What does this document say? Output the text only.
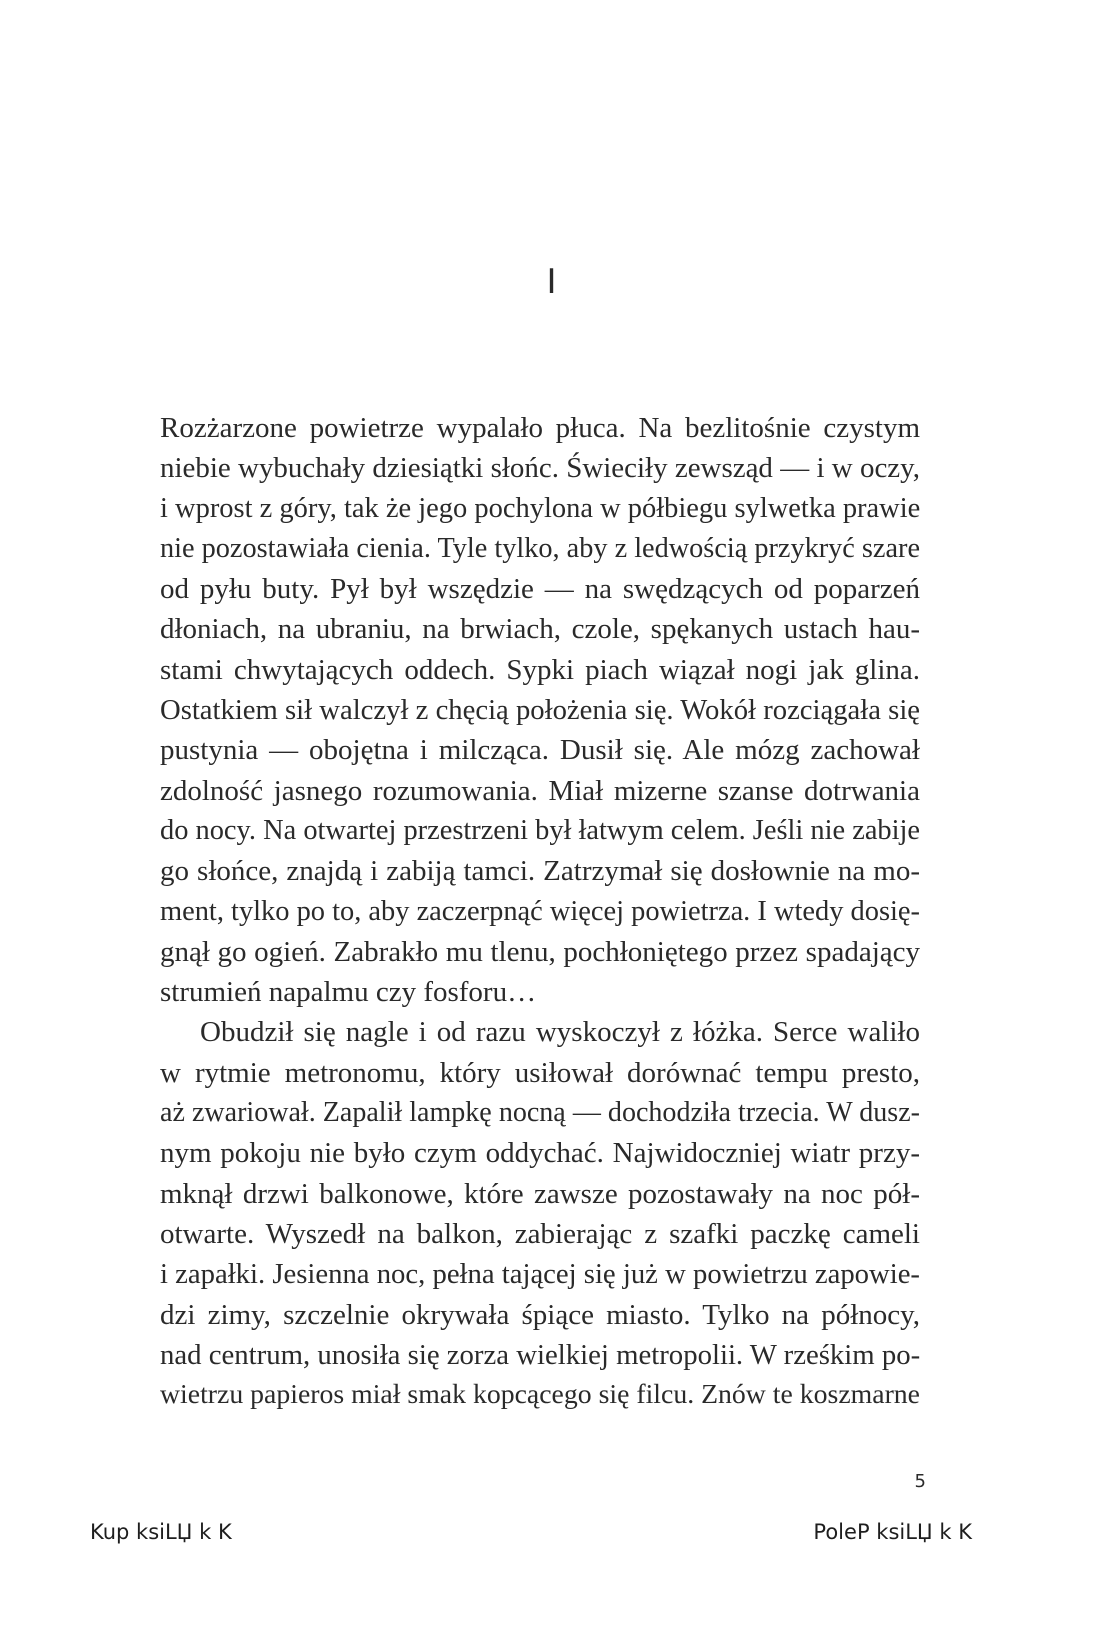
I
Rozżarzone powietrze wypalało płuca. Na bezlitośnie czystym
niebie wybuchały dziesiątki słońc. Świeciły zewsząd — i w oczy,
i wprost z góry, tak że jego pochylona w półbiegu sylwetka prawie
nie pozostawiała cienia. Tyle tylko, aby z ledwością przykryć szare
od pyłu buty. Pył był wszędzie — na swędzących od poparzeń
dłoniach, na ubraniu, na brwiach, czole, spękanych ustach hau-
stami chwytających oddech. Sypki piach wiązał nogi jak glina.
Ostatkiem sił walczył z chęcią położenia się. Wokół rozciągała się
pustynia — obojętna i milcząca. Dusił się. Ale mózg zachował
zdolność jasnego rozumowania. Miał mizerne szanse dotrwania
do nocy. Na otwartej przestrzeni był łatwym celem. Jeśli nie zabije
go słońce, znajdą i zabiją tamci. Zatrzymał się dosłownie na mo-
ment, tylko po to, aby zaczerpnąć więcej powietrza. I wtedy dosię-
gnął go ogień. Zabrakło mu tlenu, pochłoniętego przez spadający
strumień napalmu czy fosforu…
Obudził się nagle i od razu wyskoczył z łóżka. Serce waliło
w rytmie metronomu, który usiłował dorównać tempu presto,
aż zwariował. Zapalił lampkę nocną — dochodziła trzecia. W dusz-
nym pokoju nie było czym oddychać. Najwidoczniej wiatr przy-
mknął drzwi balkonowe, które zawsze pozostawały na noc pół-
otwarte. Wyszedł na balkon, zabierając z szafki paczkę cameli
i zapałki. Jesienna noc, pełna tającej się już w powietrzu zapowie-
dzi zimy, szczelnie okrywała śpiące miasto. Tylko na północy,
nad centrum, unosiła się zorza wielkiej metropolii. W rześkim po-
wietrzu papieros miał smak kopcącego się filcu. Znów te koszmarne
5
Kup ksiLЏ k K	PoleP ksiLЏ k K
